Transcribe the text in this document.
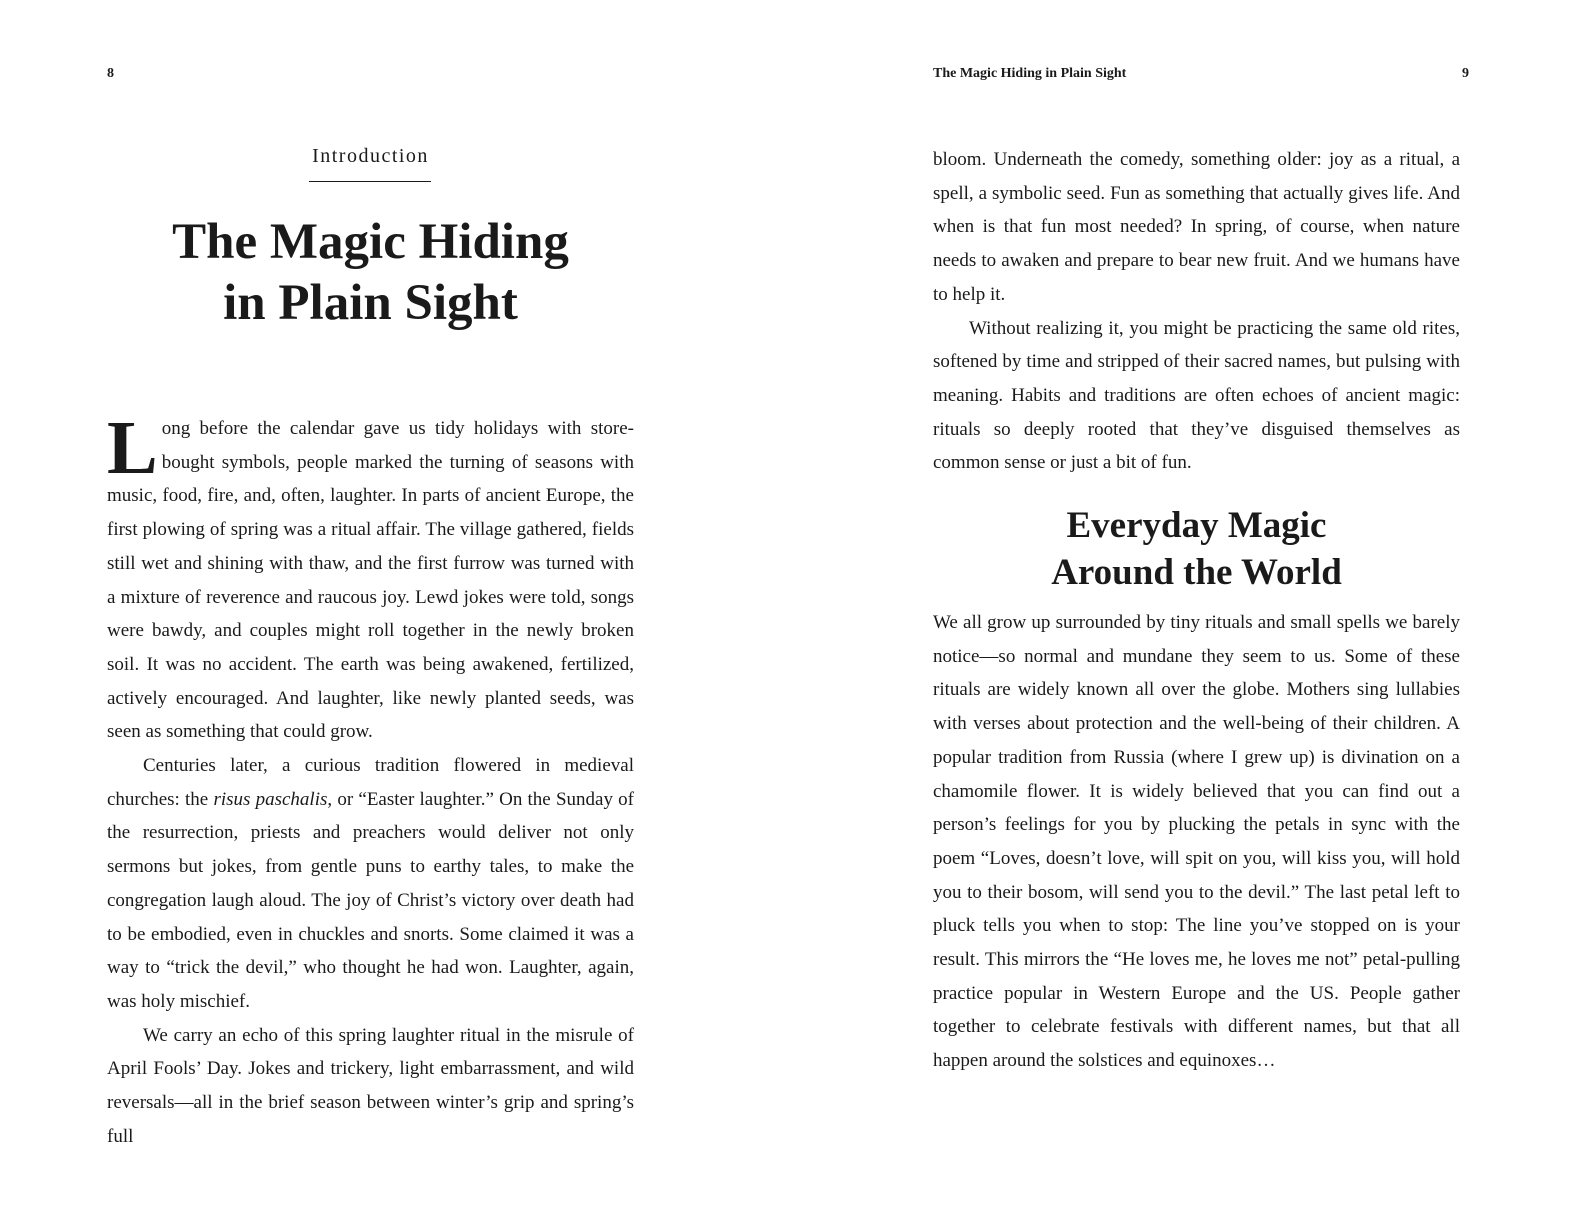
8
Introduction
The Magic Hiding
in Plain Sight

Long before the calendar gave us tidy holidays with store-bought symbols, people marked the turning of seasons with music, food, fire, and, often, laughter. In parts of ancient Europe, the first plowing of spring was a ritual affair. The village gathered, fields still wet and shining with thaw, and the first furrow was turned with a mixture of reverence and raucous joy. Lewd jokes were told, songs were bawdy, and couples might roll together in the newly broken soil. It was no accident. The earth was being awakened, fertilized, actively encouraged. And laughter, like newly planted seeds, was seen as something that could grow.

Centuries later, a curious tradition flowered in medieval churches: the risus paschalis, or “Easter laughter.” On the Sunday of the resurrection, priests and preachers would deliver not only sermons but jokes, from gentle puns to earthy tales, to make the congregation laugh aloud. The joy of Christ’s victory over death had to be embodied, even in chuckles and snorts. Some claimed it was a way to “trick the devil,” who thought he had won. Laughter, again, was holy mischief.

We carry an echo of this spring laughter ritual in the misrule of April Fools’ Day. Jokes and trickery, light embarrassment, and wild reversals—all in the brief season between winter’s grip and spring’s full

The Magic Hiding in Plain Sight	9

bloom. Underneath the comedy, something older: joy as a ritual, a spell, a symbolic seed. Fun as something that actually gives life. And when is that fun most needed? In spring, of course, when nature needs to awaken and prepare to bear new fruit. And we humans have to help it.

Without realizing it, you might be practicing the same old rites, softened by time and stripped of their sacred names, but pulsing with meaning. Habits and traditions are often echoes of ancient magic: rituals so deeply rooted that they’ve disguised themselves as common sense or just a bit of fun.

Everyday Magic
Around the World

We all grow up surrounded by tiny rituals and small spells we barely notice—so normal and mundane they seem to us. Some of these rituals are widely known all over the globe. Mothers sing lullabies with verses about protection and the well-being of their children. A popular tradition from Russia (where I grew up) is divination on a chamomile flower. It is widely believed that you can find out a person’s feelings for you by plucking the petals in sync with the poem “Loves, doesn’t love, will spit on you, will kiss you, will hold you to their bosom, will send you to the devil.” The last petal left to pluck tells you when to stop: The line you’ve stopped on is your result. This mirrors the “He loves me, he loves me not” petal-pulling practice popular in Western Europe and the US. People gather together to celebrate festivals with different names, but that all happen around the solstices and equinoxes…
